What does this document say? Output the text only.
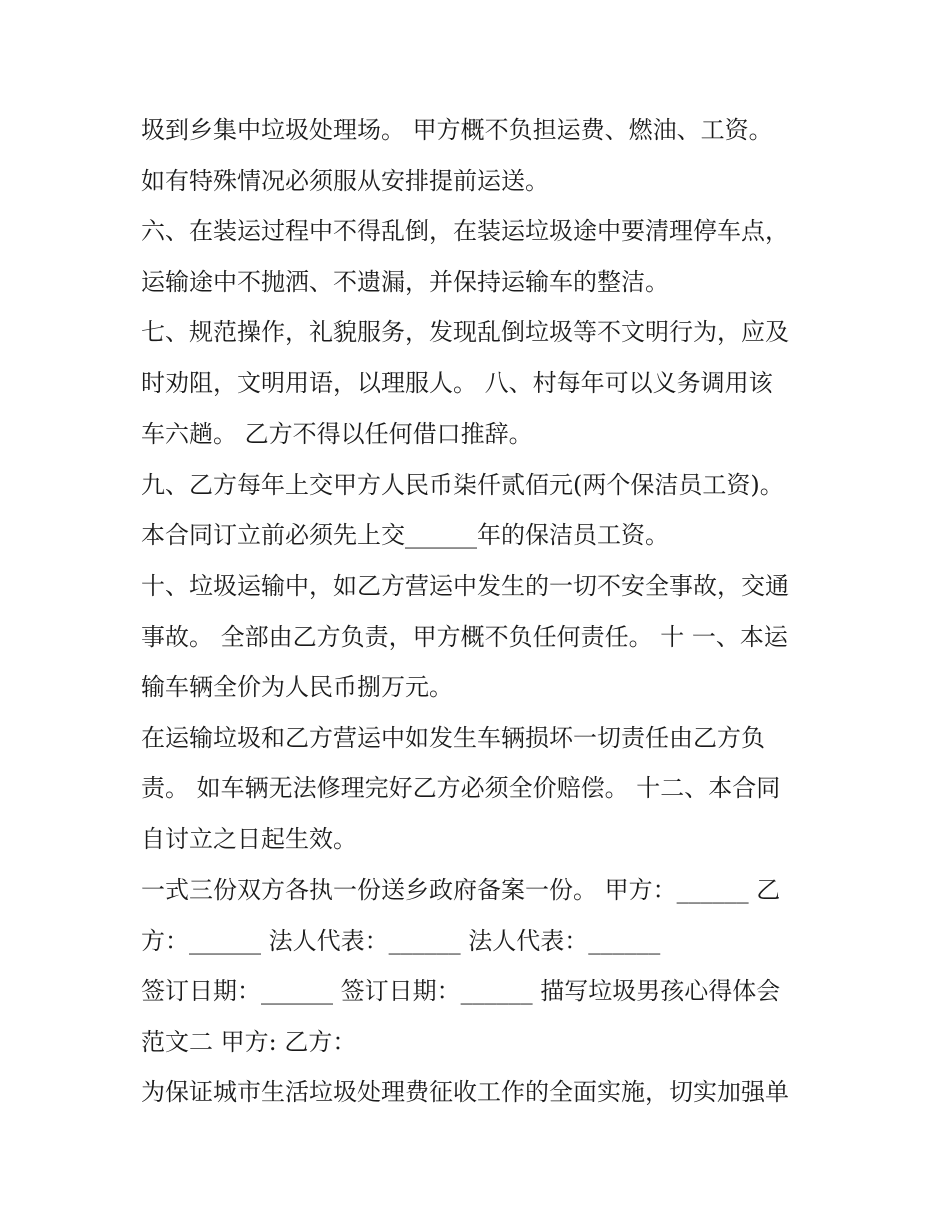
圾到乡集中垃圾处理场。 甲方概不负担运费、燃油、工资。
如有特殊情况必须服从安排提前运送。
六、在装运过程中不得乱倒，在装运垃圾途中要清理停车点，
运输途中不抛洒、不遗漏，并保持运输车的整洁。
七、规范操作，礼貌服务，发现乱倒垃圾等不文明行为，应及
时劝阻，文明用语，以理服人。 八、村每年可以义务调用该
车六趟。 乙方不得以任何借口推辞。
九、乙方每年上交甲方人民币柒仟贰佰元(两个保洁员工资)。
本合同订立前必须先上交______年的保洁员工资。
十、垃圾运输中，如乙方营运中发生的一切不安全事故，交通
事故。 全部由乙方负责，甲方概不负任何责任。 十 一、本运
输车辆全价为人民币捌万元。
在运输垃圾和乙方营运中如发生车辆损坏一切责任由乙方负
责。 如车辆无法修理完好乙方必须全价赔偿。 十二、本合同
自讨立之日起生效。
一式三份双方各执一份送乡政府备案一份。 甲方：______ 乙
方：______ 法人代表：______ 法人代表：______
签订日期：______ 签订日期：______ 描写垃圾男孩心得体会
范文二 甲方: 乙方：
为保证城市生活垃圾处理费征收工作的全面实施，切实加强单
